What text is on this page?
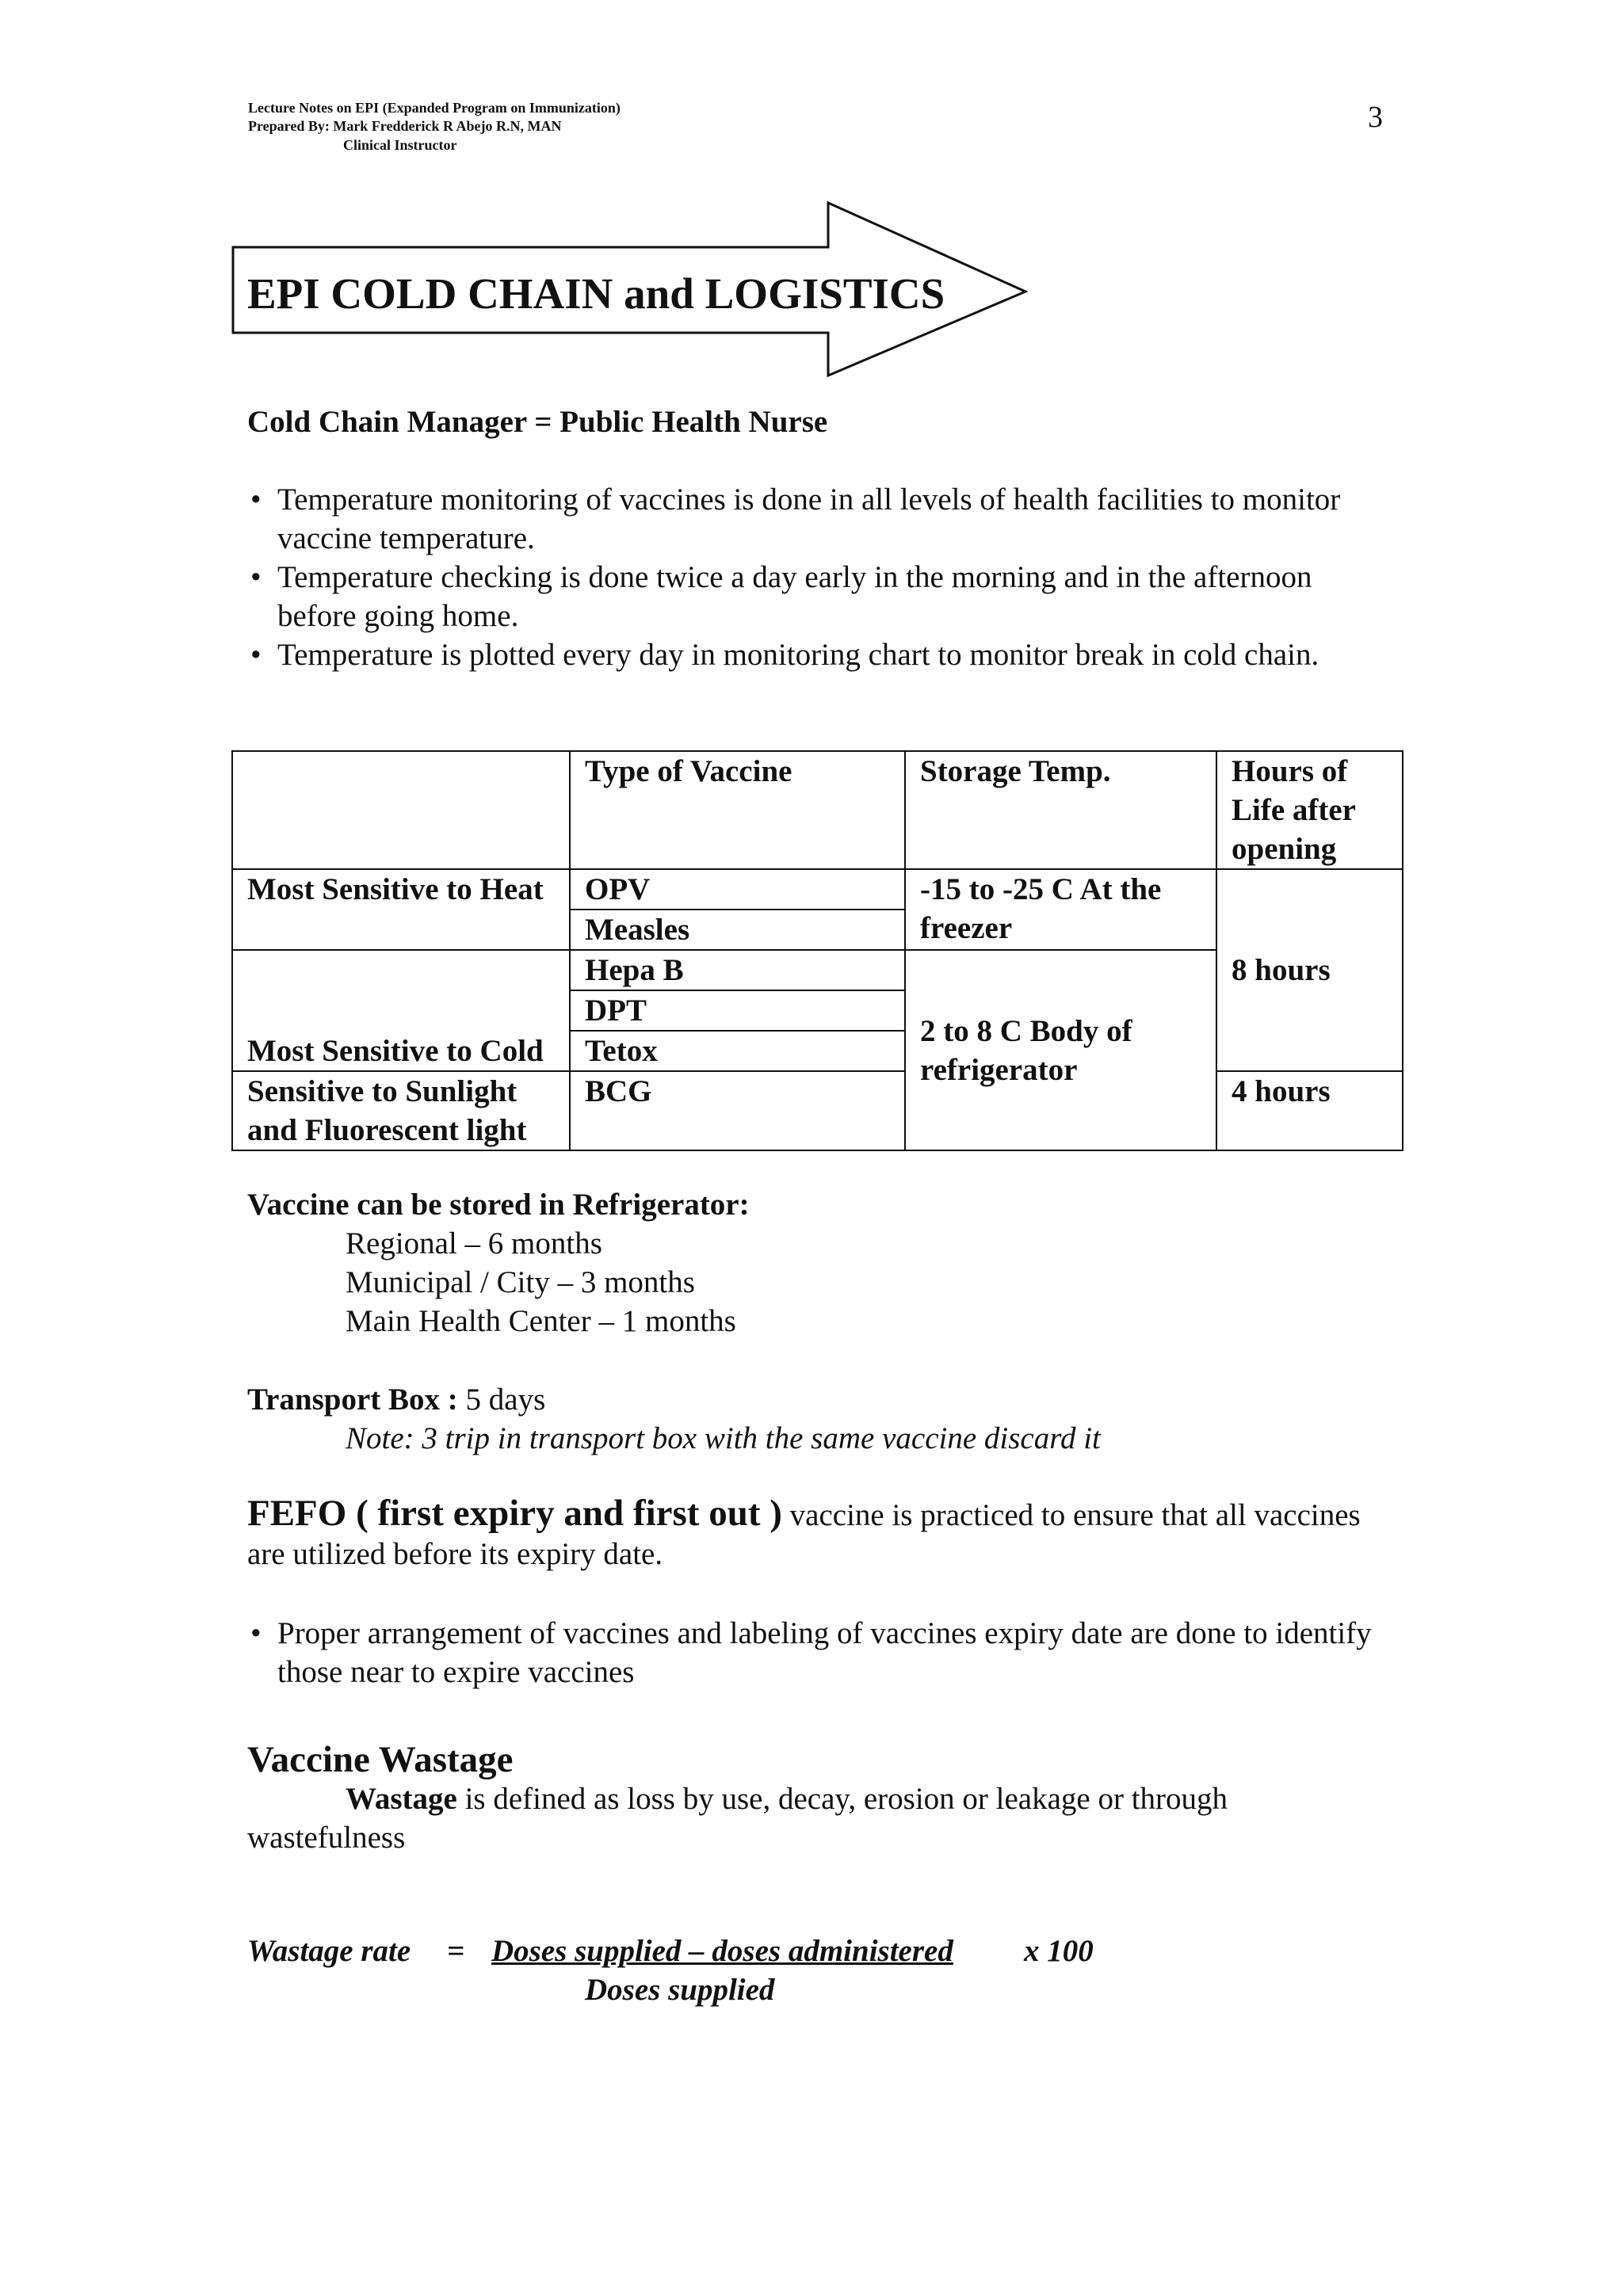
Lecture Notes on EPI (Expanded Program on Immunization)
Prepared By: Mark Fredderick R Abejo R.N, MAN
Clinical Instructor
3
EPI COLD CHAIN and LOGISTICS
Cold Chain Manager = Public Health Nurse
• Temperature monitoring of vaccines is done in all levels of health facilities to monitor vaccine temperature.
• Temperature checking is done twice a day early in the morning and in the afternoon before going home.
• Temperature is plotted every day in monitoring chart to monitor break in cold chain.
	Type of Vaccine	Storage Temp.	Hours of Life after opening
Most Sensitive to Heat	OPV	-15 to -25 C At the freezer	8 hours
	Measles		
Most Sensitive to Cold	Hepa B	2 to 8 C Body of refrigerator	
	DPT		
	Tetox		
Sensitive to Sunlight and Fluorescent light	BCG		4 hours
Vaccine can be stored in Refrigerator:
Regional – 6 months
Municipal / City – 3 months
Main Health Center – 1 months
Transport Box : 5 days
Note: 3 trip in transport box with the same vaccine discard it
FEFO ( first expiry and first out ) vaccine is practiced to ensure that all vaccines are utilized before its expiry date.
• Proper arrangement of vaccines and labeling of vaccines expiry date are done to identify those near to expire vaccines
Vaccine Wastage
Wastage is defined as loss by use, decay, erosion or leakage or through wastefulness
Wastage rate = Doses supplied – doses administered x 100
Doses supplied
